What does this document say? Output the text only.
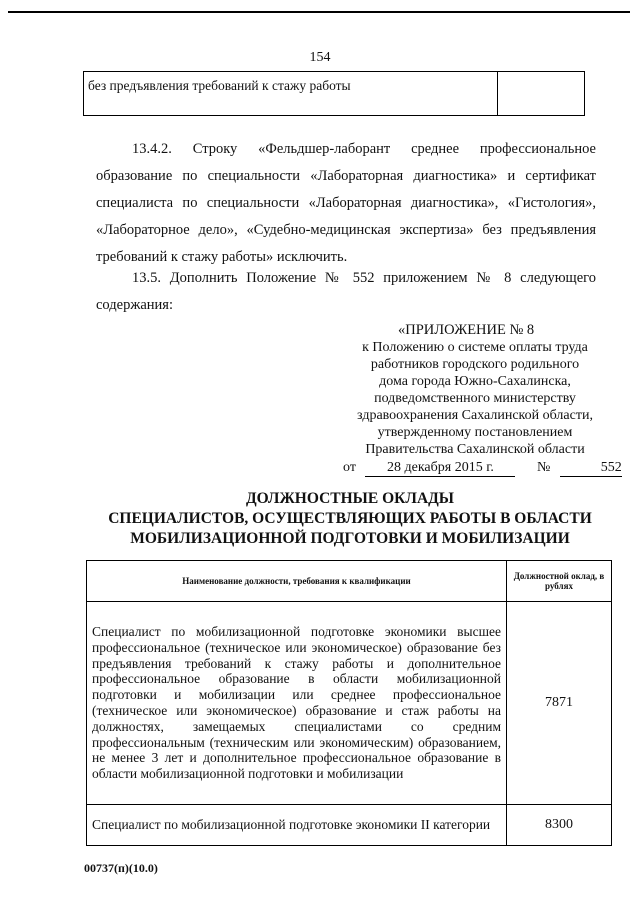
154
без предъявления требований к стажу работы
13.4.2. Строку «Фельдшер-лаборант среднее профессиональное
образование по специальности «Лабораторная диагностика» и сертификат
специалиста по специальности «Лабораторная диагностика», «Гистология»,
«Лабораторное дело», «Судебно-медицинская экспертиза» без предъявления
требований к стажу работы» исключить.
13.5. Дополнить Положение № 552 приложением № 8 следующего
содержания:
«ПРИЛОЖЕНИЕ № 8
к Положению о системе оплаты труда
работников городского родильного
дома города Южно-Сахалинска,
подведомственного министерству
здравоохранения Сахалинской области,
утвержденному постановлением
Правительства Сахалинской области
от 28 декабря 2015 г.	№	552
ДОЛЖНОСТНЫЕ ОКЛАДЫ
СПЕЦИАЛИСТОВ, ОСУЩЕСТВЛЯЮЩИХ РАБОТЫ В ОБЛАСТИ
МОБИЛИЗАЦИОННОЙ ПОДГОТОВКИ И МОБИЛИЗАЦИИ
Наименование должности, требования к квалификации	Должностной оклад, в рублях
Специалист по мобилизационной подготовке экономики высшее профессиональное (техническое или экономическое) образование без предъявления требований к стажу работы и дополнительное профессиональное образование в области мобилизационной подготовки и мобилизации или среднее профессиональное (техническое или экономическое) образование и стаж работы на должностях, замещаемых специалистами со средним профессиональным (техническим или экономическим) образованием, не менее 3 лет и дополнительное профессиональное образование в области мобилизационной подготовки и мобилизации	7871
Специалист по мобилизационной подготовке экономики II категории	8300
00737(п)(10.0)
